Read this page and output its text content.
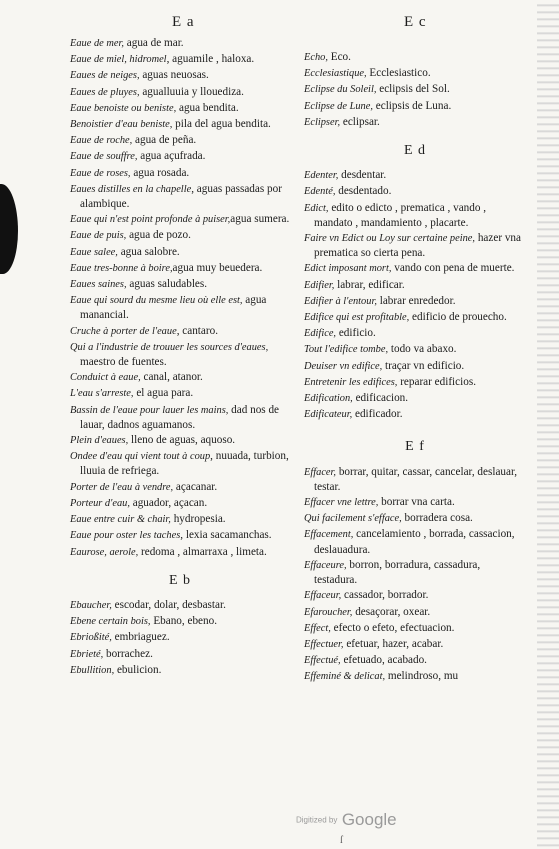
E a	E c
Eaue de mer, agua de mar.
Eaue de miel, hidromel, aguamile , haloxa.
Eaues de neiges, aguas neuosas.
Eaues de pluyes, agualluuia y llouediza.
Eaue benoiste ou beniste, agua bendita.
Benoistier d'eau beniste, pila del agua bendita.
Eaue de roche, agua de peña.
Eaue de souffre, agua açufrada.
Eaue de roses, agua rosada.
Eaues distilles en la chapelle, aguas passadas por alambique.
Eaue qui n'est point profonde à puiser,agua sumera.
Eaue de puis, agua de pozo.
Eaue salee, agua salobre.
Eaue tres-bonne à boire,agua muy beuedera.
Eaues saines, aguas saludables.
Eaue qui sourd du mesme lieu où elle est, agua manancial.
Cruche à porter de l'eaue, cantaro.
Qui a l'industrie de trouuer les sources d'eaues, maestro de fuentes.
Conduict à eaue, canal, atanor.
L'eau s'arreste, el agua para.
Bassin de l'eaue pour lauer les mains, dad nos de lauar, dadnos aguamanos.
Plein d'eaues, lleno de aguas, aquoso.
Ondee d'eau qui vient tout à coup, nuuada, turbion, lluuia de refriega.
Porter de l'eau à vendre, açacanar.
Porteur d'eau, aguador, açacan.
Eaue entre cuir & chair, hydropesia.
Eaue pour oster les taches, lexia sacamanchas.
Eaurose, aerole, redoma , almarraxa , limeta.
E b
Ebaucher, escodar, dolar, desbastar.
Ebene certain bois, Ebano, ebeno.
Ebrioßité, embriaguez.
Ebrieté, borrachez.
Ebullition, ebulicion.
Echo, Eco.
Ecclesiastique, Ecclesiastico.
Eclipse du Soleil, eclipsis del Sol.
Eclipse de Lune, eclipsis de Luna.
Eclipser, eclipsar.
E d
Edenter, desdentar.
Edenté, desdentado.
Edict, edito o edicto , prematica , vando , mandato , mandamiento , placarte.
Faire vn Edict ou Loy sur certaine peine, hazer vna prematica so cierta pena.
Edict imposant mort, vando con pena de muerte.
Edifier, labrar, edificar.
Edifier à l'entour, labrar enrededor.
Edifice qui est profitable, edificio de prouecho.
Edifice, edificio.
Tout l'edifice tombe, todo va abaxo.
Deuiser vn edifice, traçar vn edificio.
Entretenir les edifices, reparar edificios.
Edification, edificacion.
Edificateur, edificador.
E f
Effacer, borrar, quitar, cassar, cancelar, deslauar, testar.
Effacer vne lettre, borrar vna carta.
Qui facilement s'efface, borradera cosa.
Effacement, cancelamiento , borrada, cassacion, deslauadura.
Effaceure, borron, borradura, cassadura, testadura.
Effaceur, cassador, borrador.
Efaroucher, desaçorar, oxear.
Effect, efecto o efeto, efectuacion.
Effectuer, efetuar, hazer, acabar.
Effectué, efetuado, acabado.
Effeminé & delicat, melindroso, mu
Digitized by Google
ſ
